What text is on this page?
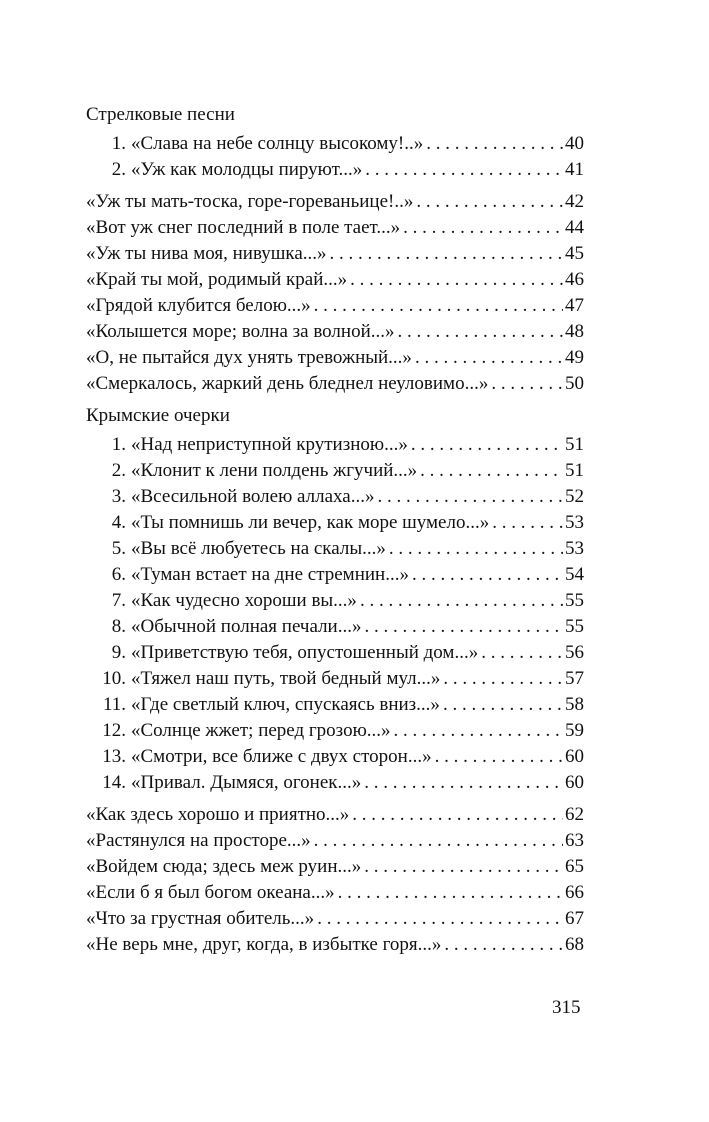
Стрелковые песни
1. «Слава на небе солнцу высокому!..» . . .	40
2. «Уж как молодцы пируют...» . . .	41
«Уж ты мать-тоска, горе-гореваньице!..» . . .	42
«Вот уж снег последний в поле тает...» . . .	44
«Уж ты нива моя, нивушка...» . . .	45
«Край ты мой, родимый край...» . . .	46
«Грядой клубится белою...» . . .	47
«Колышется море; волна за волной...» . . .	48
«О, не пытайся дух унять тревожный...» . . .	49
«Смеркалось, жаркий день бледнел неуловимо...» . . .	50
Крымские очерки
1. «Над неприступной крутизною...» . . .	51
2. «Клонит к лени полдень жгучий...» . . .	51
3. «Всесильной волею аллаха...» . . .	52
4. «Ты помнишь ли вечер, как море шумело...» . . .	53
5. «Вы всё любуетесь на скалы...» . . .	53
6. «Туман встает на дне стремнин...» . . .	54
7. «Как чудесно хороши вы...» . . .	55
8. «Обычной полная печали...» . . .	55
9. «Приветствую тебя, опустошенный дом...» . . .	56
10. «Тяжел наш путь, твой бедный мул...» . . .	57
11. «Где светлый ключ, спускаясь вниз...» . . .	58
12. «Солнце жжет; перед грозою...» . . .	59
13. «Смотри, все ближе с двух сторон...» . . .	60
14. «Привал. Дымяся, огонек...» . . .	60
«Как здесь хорошо и приятно...» . . .	62
«Растянулся на просторе...» . . .	63
«Войдем сюда; здесь меж руин...» . . .	65
«Если б я был богом океана...» . . .	66
«Что за грустная обитель...» . . .	67
«Не верь мне, друг, когда, в избытке горя...» . . .	68
315
